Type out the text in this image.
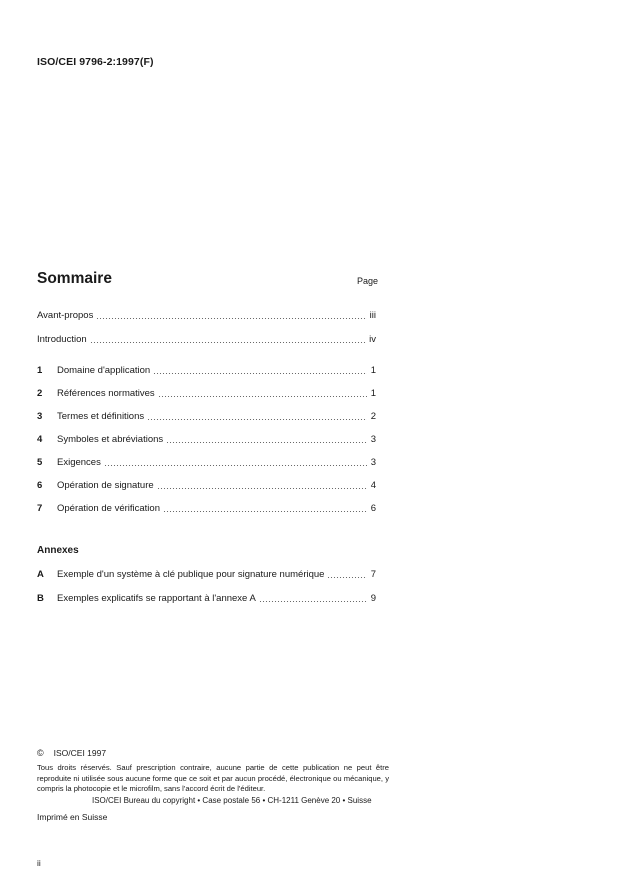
ISO/CEI 9796-2:1997(F)
Sommaire	Page
Avant-propos	iii
Introduction	iv
1	Domaine d'application	1
2	Références normatives	1
3	Termes et définitions	2
4	Symboles et abréviations	3
5	Exigences	3
6	Opération de signature	4
7	Opération de vérification	6
Annexes
A	Exemple d'un système à clé publique pour signature numérique	7
B	Exemples explicatifs se rapportant à l'annexe A	9
© ISO/CEI 1997
Tous droits réservés. Sauf prescription contraire, aucune partie de cette publication ne peut être reproduite ni utilisée sous aucune forme que ce soit et par aucun procédé, électronique ou mécanique, y compris la photocopie et le microfilm, sans l'accord écrit de l'éditeur.
ISO/CEI Bureau du copyright • Case postale 56 • CH-1211 Genève 20 • Suisse
Imprimé en Suisse
ii
